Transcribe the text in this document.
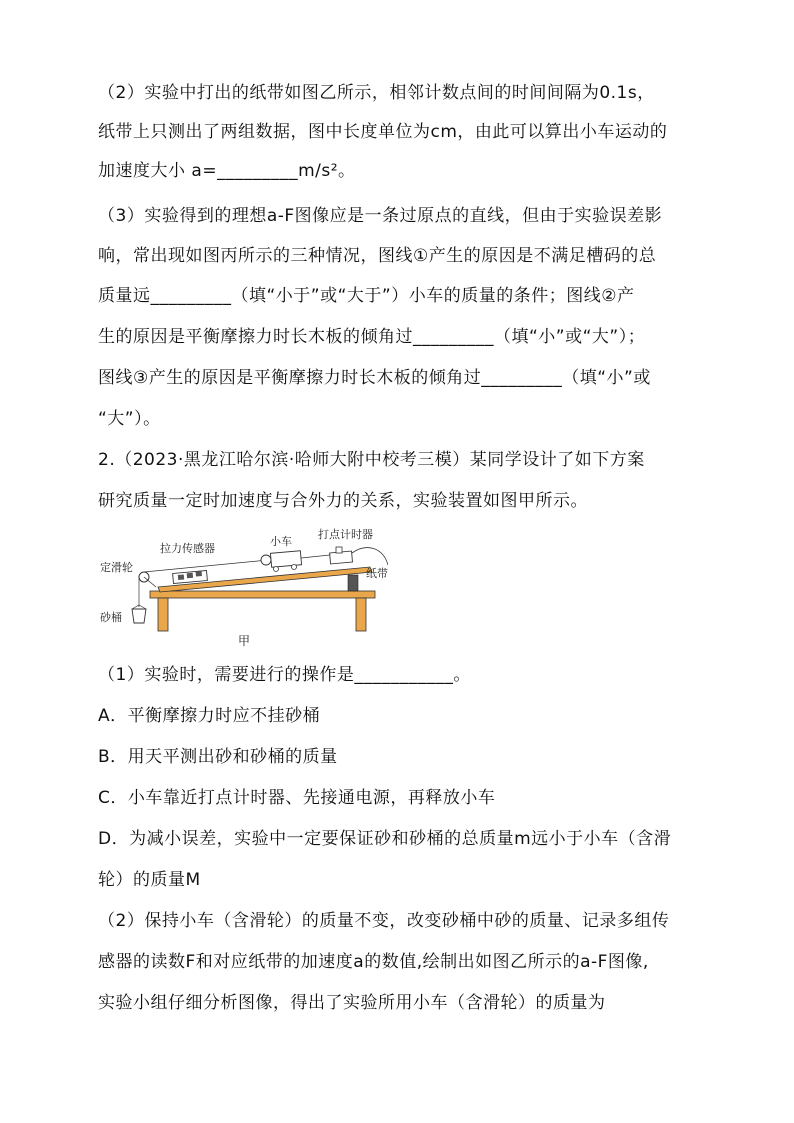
（2）实验中打出的纸带如图乙所示，相邻计数点间的时间间隔为0.1s，
纸带上只测出了两组数据，图中长度单位为cm，由此可以算出小车运动的
加速度大小 a=_________m/s²。
（3）实验得到的理想a-F图像应是一条过原点的直线，但由于实验误差影
响，常出现如图丙所示的三种情况，图线①产生的原因是不满足槽码的总
质量远_________（填“小于”或“大于”）小车的质量的条件；图线②产
生的原因是平衡摩擦力时长木板的倾角过_________（填“小”或“大”）；
图线③产生的原因是平衡摩擦力时长木板的倾角过_________（填“小”或
“大”）。
2.（2023·黑龙江哈尔滨·哈师大附中校考三模）某同学设计了如下方案
研究质量一定时加速度与合外力的关系，实验装置如图甲所示。
定滑轮
拉力传感器
小车
打点计时器
纸带
砂桶
甲
（1）实验时，需要进行的操作是___________。
A．平衡摩擦力时应不挂砂桶
B．用天平测出砂和砂桶的质量
C．小车靠近打点计时器、先接通电源，再释放小车
D．为减小误差，实验中一定要保证砂和砂桶的总质量m远小于小车（含滑
轮）的质量M
（2）保持小车（含滑轮）的质量不变，改变砂桶中砂的质量、记录多组传
感器的读数F和对应纸带的加速度a的数值,绘制出如图乙所示的a-F图像,
实验小组仔细分析图像，得出了实验所用小车（含滑轮）的质量为
